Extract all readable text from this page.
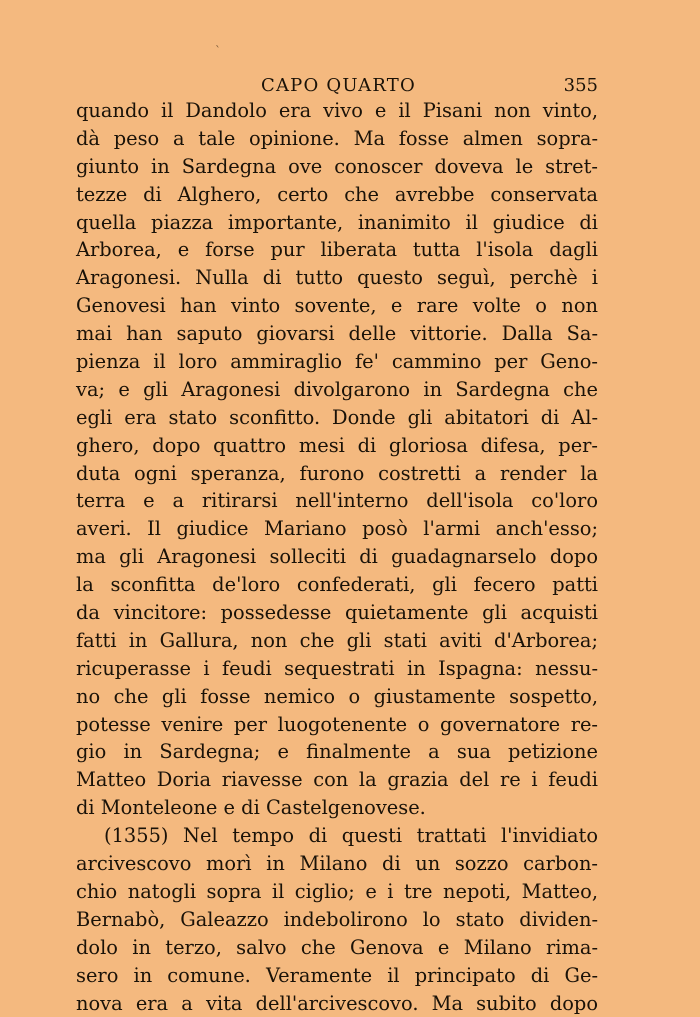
`
CAPO QUARTO	355
quando il Dandolo era vivo e il Pisani non vinto,
dà peso a tale opinione. Ma fosse almen sopra-
giunto in Sardegna ove conoscer doveva le stret-
tezze di Alghero, certo che avrebbe conservata
quella piazza importante, inanimito il giudice di
Arborea, e forse pur liberata tutta l'isola dagli
Aragonesi. Nulla di tutto questo seguì, perchè i
Genovesi han vinto sovente, e rare volte o non
mai han saputo giovarsi delle vittorie. Dalla Sa-
pienza il loro ammiraglio fe' cammino per Geno-
va; e gli Aragonesi divolgarono in Sardegna che
egli era stato sconfitto. Donde gli abitatori di Al-
ghero, dopo quattro mesi di gloriosa difesa, per-
duta ogni speranza, furono costretti a render la
terra e a ritirarsi nell'interno dell'isola co'loro
averi. Il giudice Mariano posò l'armi anch'esso;
ma gli Aragonesi solleciti di guadagnarselo dopo
la sconfitta de'loro confederati, gli fecero patti
da vincitore: possedesse quietamente gli acquisti
fatti in Gallura, non che gli stati aviti d'Arborea;
ricuperasse i feudi sequestrati in Ispagna: nessu-
no che gli fosse nemico o giustamente sospetto,
potesse venire per luogotenente o governatore re-
gio in Sardegna; e finalmente a sua petizione
Matteo Doria riavesse con la grazia del re i feudi
di Monteleone e di Castelgenovese.
(1355) Nel tempo di questi trattati l'invidiato
arcivescovo morì in Milano di un sozzo carbon-
chio natogli sopra il ciglio; e i tre nepoti, Matteo,
Bernabò, Galeazzo indebolirono lo stato dividen-
dolo in terzo, salvo che Genova e Milano rima-
sero in comune. Veramente il principato di Ge-
nova era a vita dell'arcivescovo. Ma subito dopo
